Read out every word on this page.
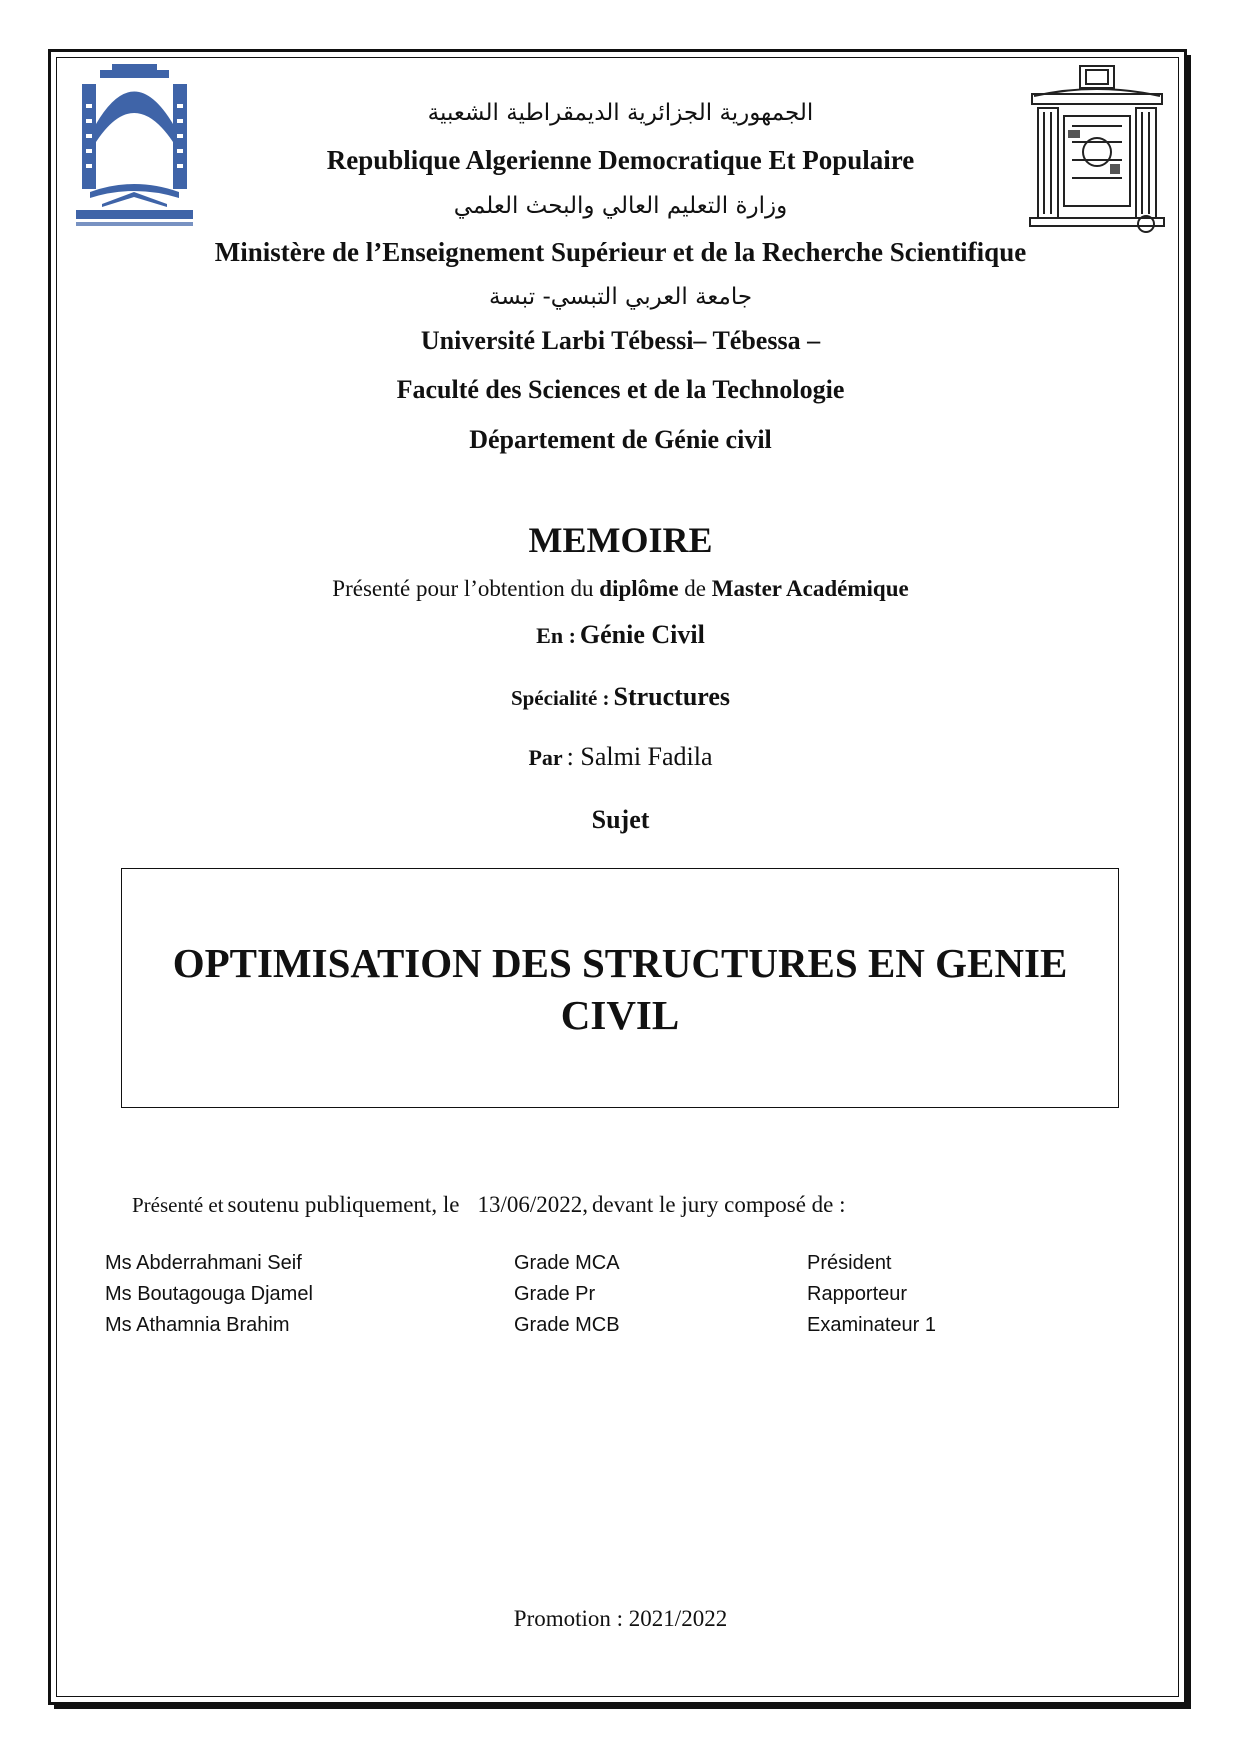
الجمهورية الجزائرية الديمقراطية الشعبية
Republique Algerienne Democratique Et Populaire
وزارة التعليم العالي والبحث العلمي
Ministère de l’Enseignement Supérieur et de la Recherche Scientifique
جامعة العربي التبسي- تبسة
Université Larbi Tébessi– Tébessa –
Faculté des Sciences et de la Technologie
Département de Génie civil
MEMOIRE
Présenté pour l’obtention du diplôme de Master Académique
En : Génie Civil
Spécialité : Structures
Par : Salmi Fadila
Sujet
OPTIMISATION DES STRUCTURES EN GENIE
CIVIL
Présenté et soutenu publiquement, le 13/06/2022, devant le jury composé de :
Ms Abderrahmani Seif	Grade MCA	Président
Ms Boutagouga Djamel	Grade Pr	Rapporteur
Ms Athamnia Brahim	Grade MCB	Examinateur 1
Promotion : 2021/2022
